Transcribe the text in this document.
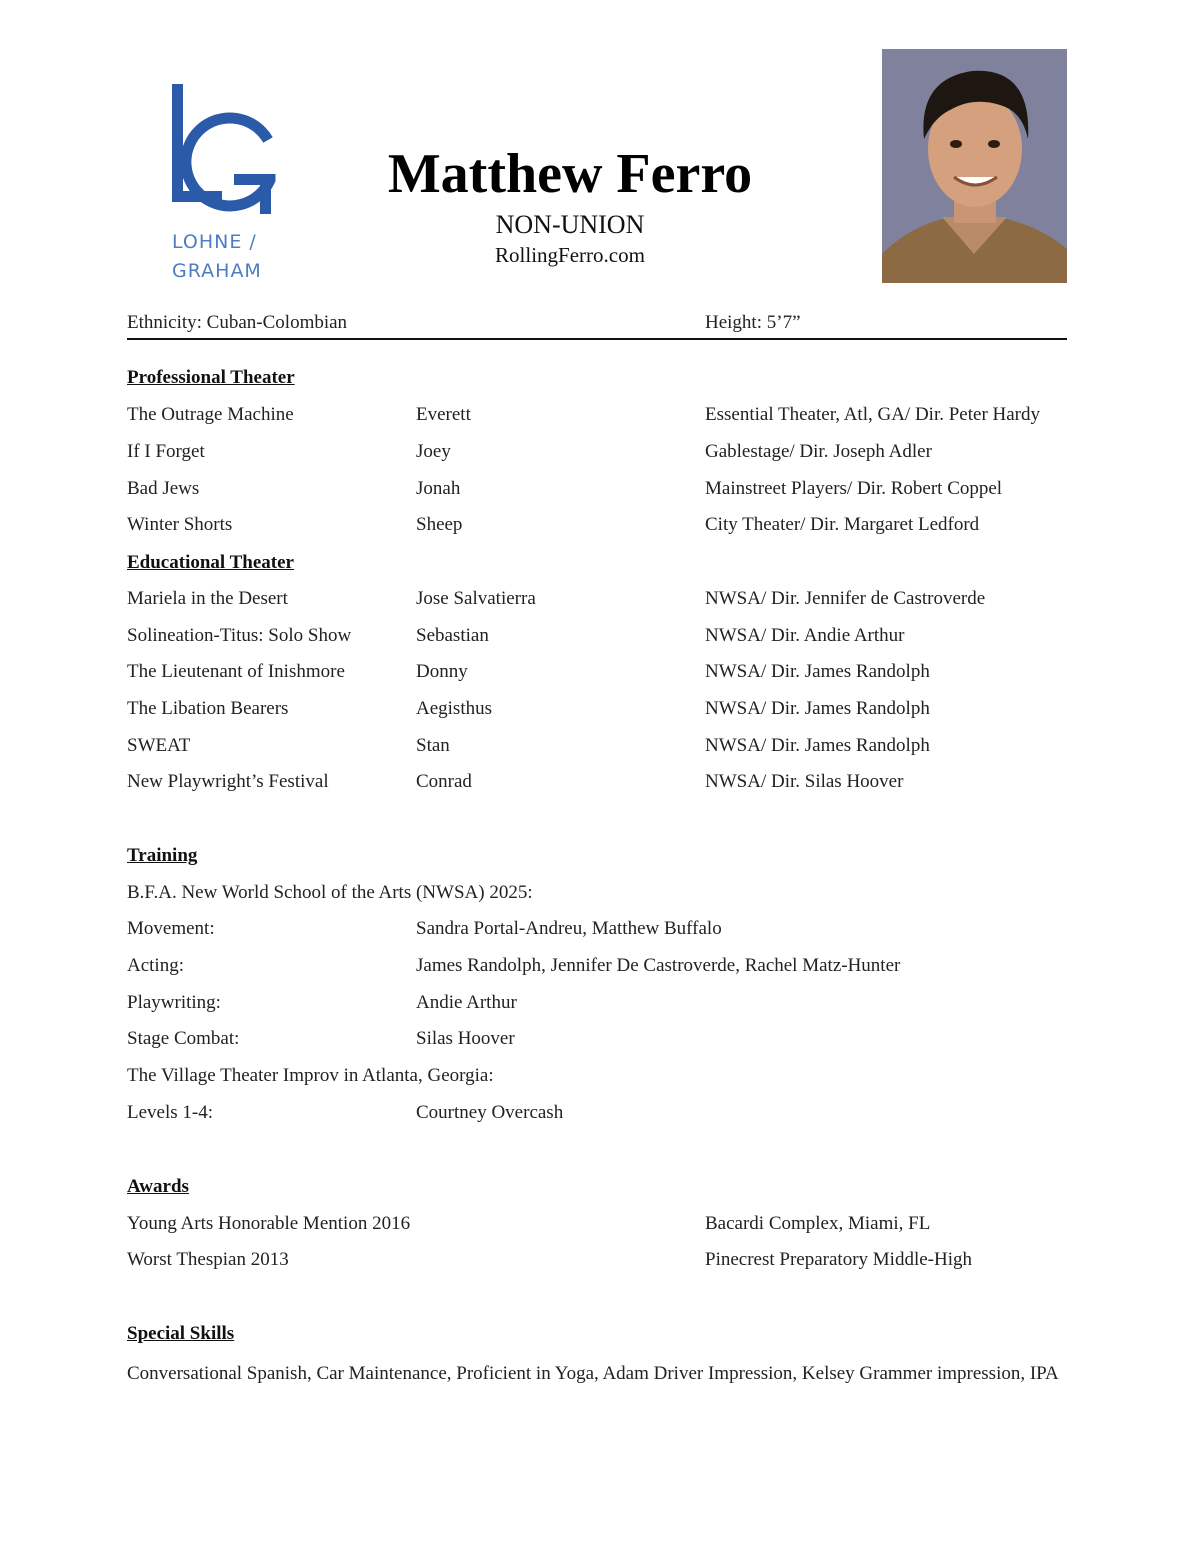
LOHNE /
GRAHAM
Matthew Ferro
NON-UNION
RollingFerro.com
Ethnicity: Cuban-Colombian	Height: 5’7”
Professional Theater
The Outrage Machine	Everett	Essential Theater, Atl, GA/ Dir. Peter Hardy
If I Forget	Joey	Gablestage/ Dir. Joseph Adler
Bad Jews	Jonah	Mainstreet Players/ Dir. Robert Coppel
Winter Shorts	Sheep	City Theater/ Dir. Margaret Ledford
Educational Theater
Mariela in the Desert	Jose Salvatierra	NWSA/ Dir. Jennifer de Castroverde
Solineation-Titus: Solo Show	Sebastian	NWSA/ Dir. Andie Arthur
The Lieutenant of Inishmore	Donny	NWSA/ Dir. James Randolph
The Libation Bearers	Aegisthus	NWSA/ Dir. James Randolph
SWEAT	Stan	NWSA/ Dir. James Randolph
New Playwright’s Festival	Conrad	NWSA/ Dir. Silas Hoover
Training
B.F.A. New World School of the Arts (NWSA) 2025:
Movement:	Sandra Portal-Andreu, Matthew Buffalo
Acting:	James Randolph, Jennifer De Castroverde, Rachel Matz-Hunter
Playwriting:	Andie Arthur
Stage Combat:	Silas Hoover
The Village Theater Improv in Atlanta, Georgia:
Levels 1-4:	Courtney Overcash
Awards
Young Arts Honorable Mention 2016	Bacardi Complex, Miami, FL
Worst Thespian 2013	Pinecrest Preparatory Middle-High
Special Skills
Conversational Spanish, Car Maintenance, Proficient in Yoga, Adam Driver Impression, Kelsey Grammer impression, IPA
